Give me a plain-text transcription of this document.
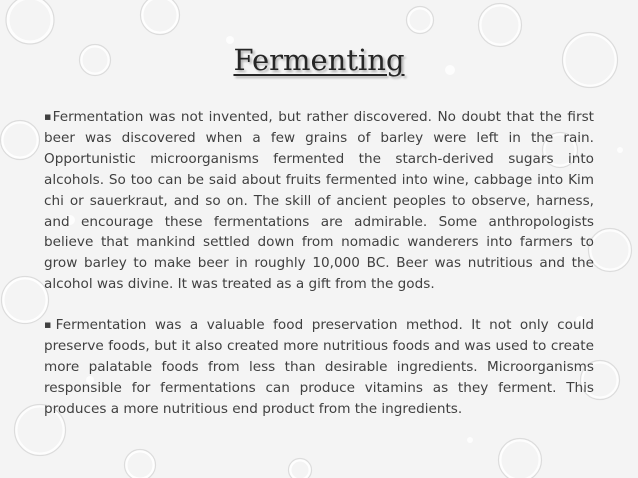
Fermenting

▪Fermentation was not invented, but rather discovered. No doubt that the first beer was discovered when a few grains of barley were left in the rain. Opportunistic microorganisms fermented the starch-derived sugars into alcohols. So too can be said about fruits fermented into wine, cabbage into Kim chi or sauerkraut, and so on. The skill of ancient peoples to observe, harness, and encourage these fermentations are admirable. Some anthropologists believe that mankind settled down from nomadic wanderers into farmers to grow barley to make beer in roughly 10,000 BC. Beer was nutritious and the alcohol was divine. It was treated as a gift from the gods.

▪Fermentation was a valuable food preservation method. It not only could preserve foods, but it also created more nutritious foods and was used to create more palatable foods from less than desirable ingredients. Microorganisms responsible for fermentations can produce vitamins as they ferment. This produces a more nutritious end product from the ingredients.
